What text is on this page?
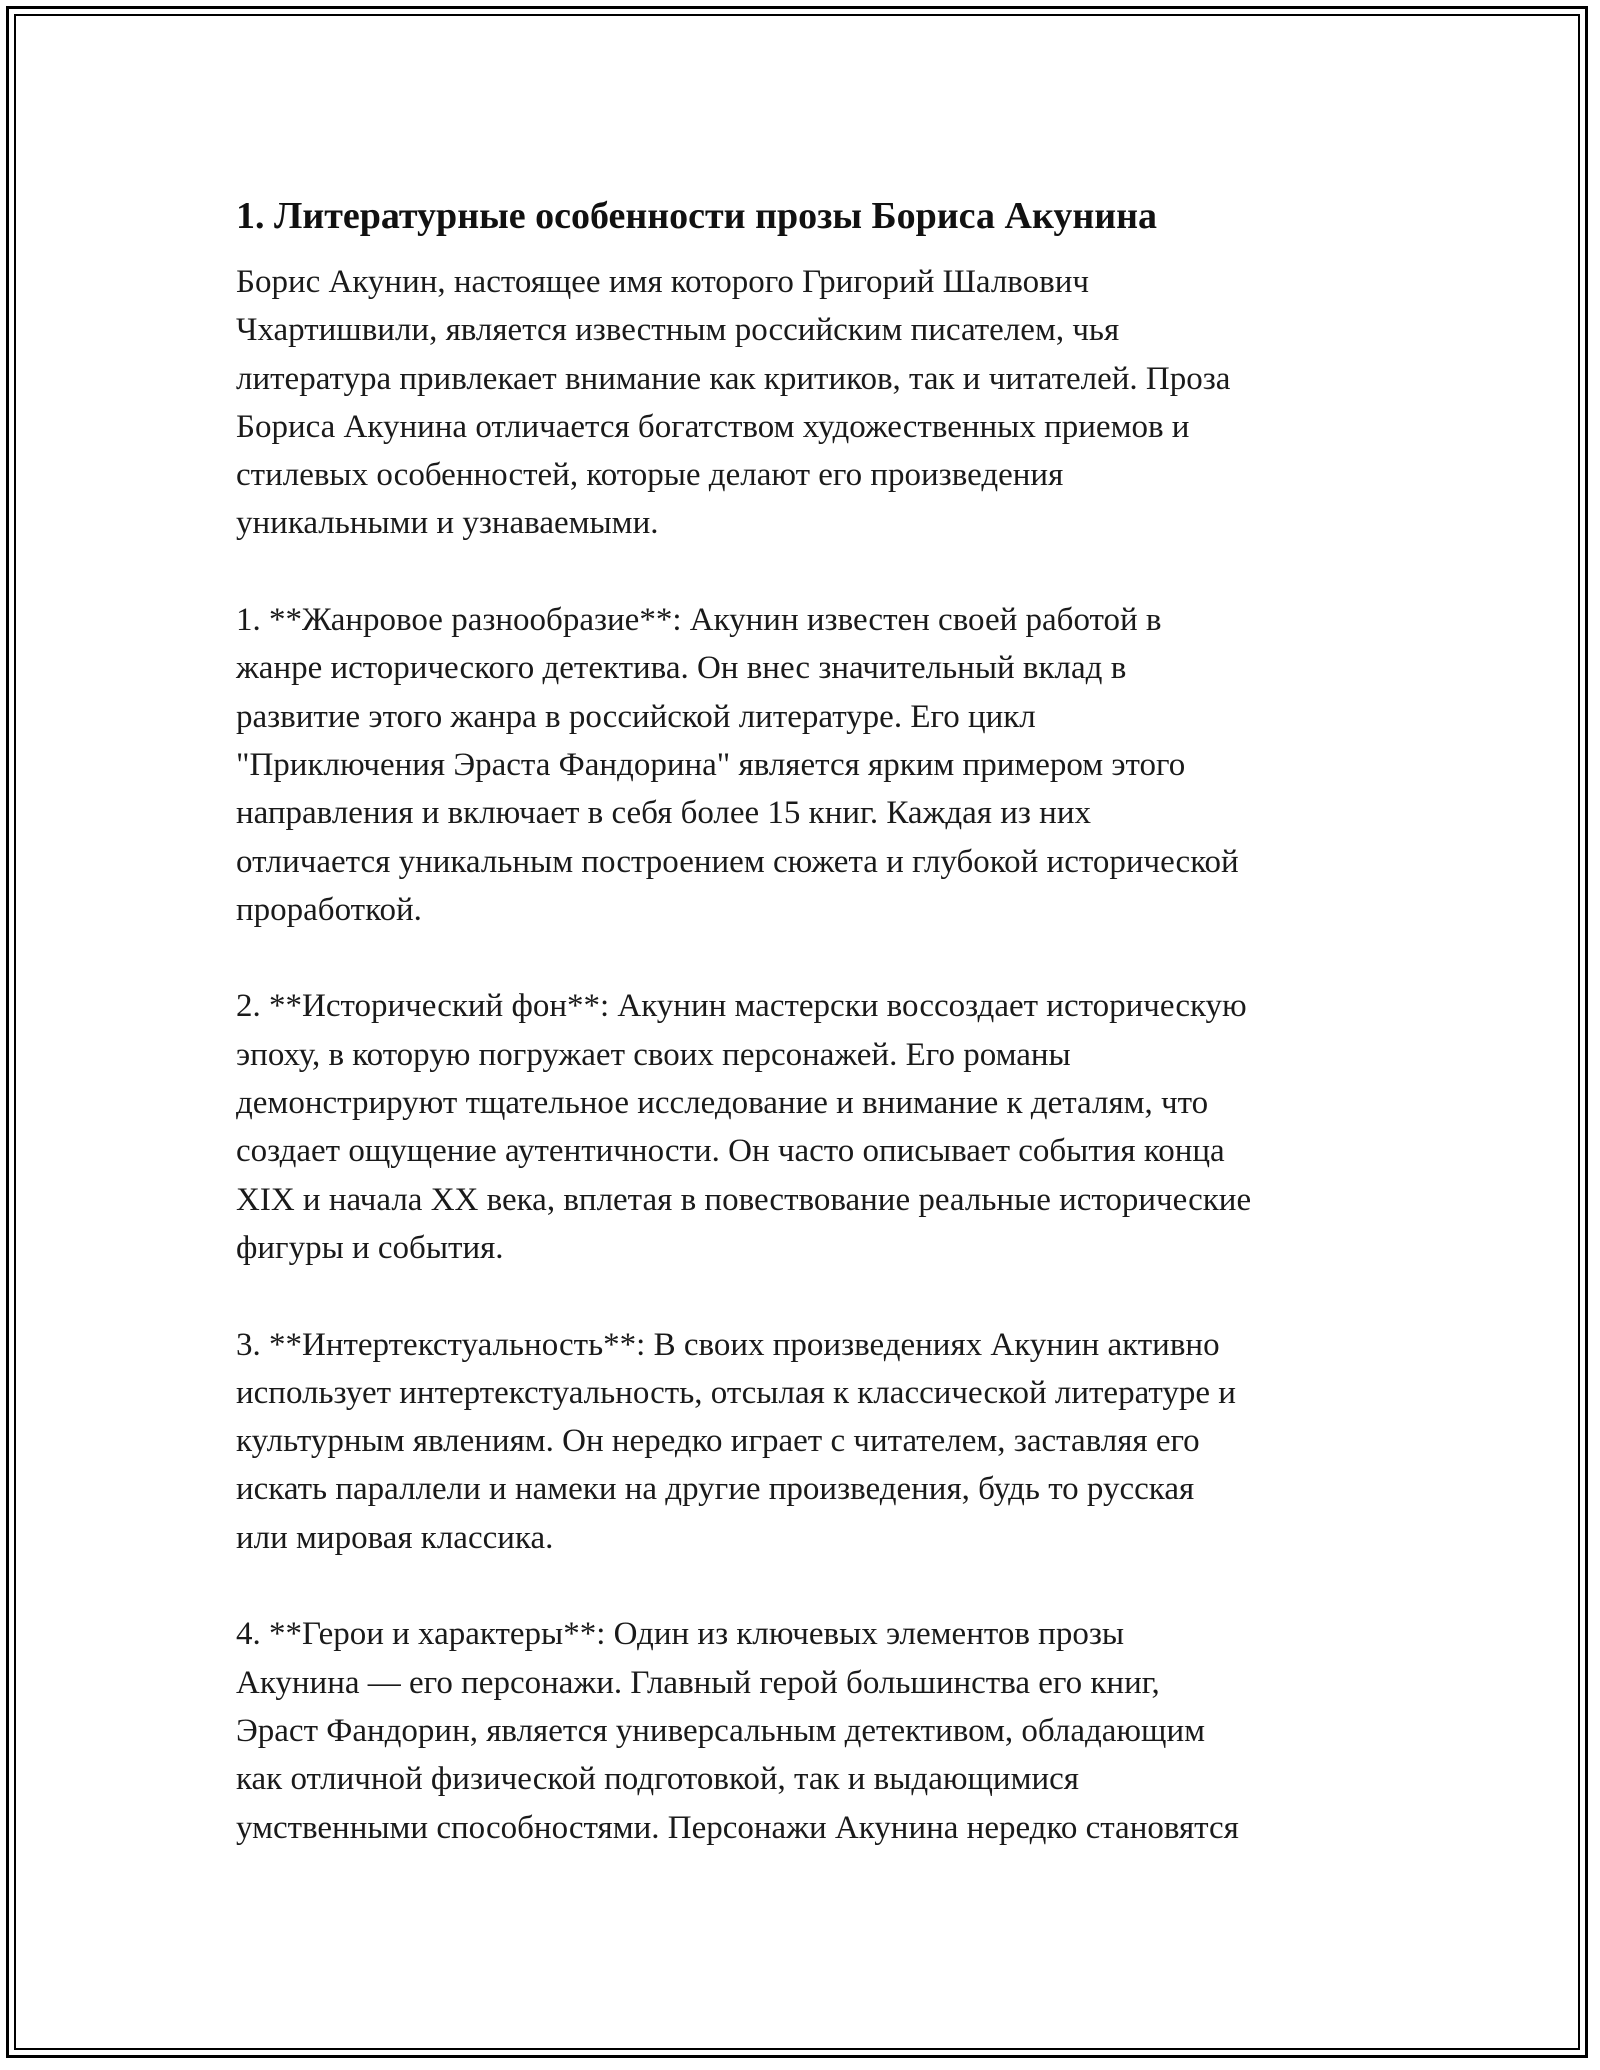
1. Литературные особенности прозы Бориса Акунина

Борис Акунин, настоящее имя которого Григорий Шалвович
Чхартишвили, является известным российским писателем, чья
литература привлекает внимание как критиков, так и читателей. Проза
Бориса Акунина отличается богатством художественных приемов и
стилевых особенностей, которые делают его произведения
уникальными и узнаваемыми.

1. **Жанровое разнообразие**: Акунин известен своей работой в
жанре исторического детектива. Он внес значительный вклад в
развитие этого жанра в российской литературе. Его цикл
"Приключения Эраста Фандорина" является ярким примером этого
направления и включает в себя более 15 книг. Каждая из них
отличается уникальным построением сюжета и глубокой исторической
проработкой.

2. **Исторический фон**: Акунин мастерски воссоздает историческую
эпоху, в которую погружает своих персонажей. Его романы
демонстрируют тщательное исследование и внимание к деталям, что
создает ощущение аутентичности. Он часто описывает события конца
XIX и начала XX века, вплетая в повествование реальные исторические
фигуры и события.

3. **Интертекстуальность**: В своих произведениях Акунин активно
использует интертекстуальность, отсылая к классической литературе и
культурным явлениям. Он нередко играет с читателем, заставляя его
искать параллели и намеки на другие произведения, будь то русская
или мировая классика.

4. **Герои и характеры**: Один из ключевых элементов прозы
Акунина — его персонажи. Главный герой большинства его книг,
Эраст Фандорин, является универсальным детективом, обладающим
как отличной физической подготовкой, так и выдающимися
умственными способностями. Персонажи Акунина нередко становятся
